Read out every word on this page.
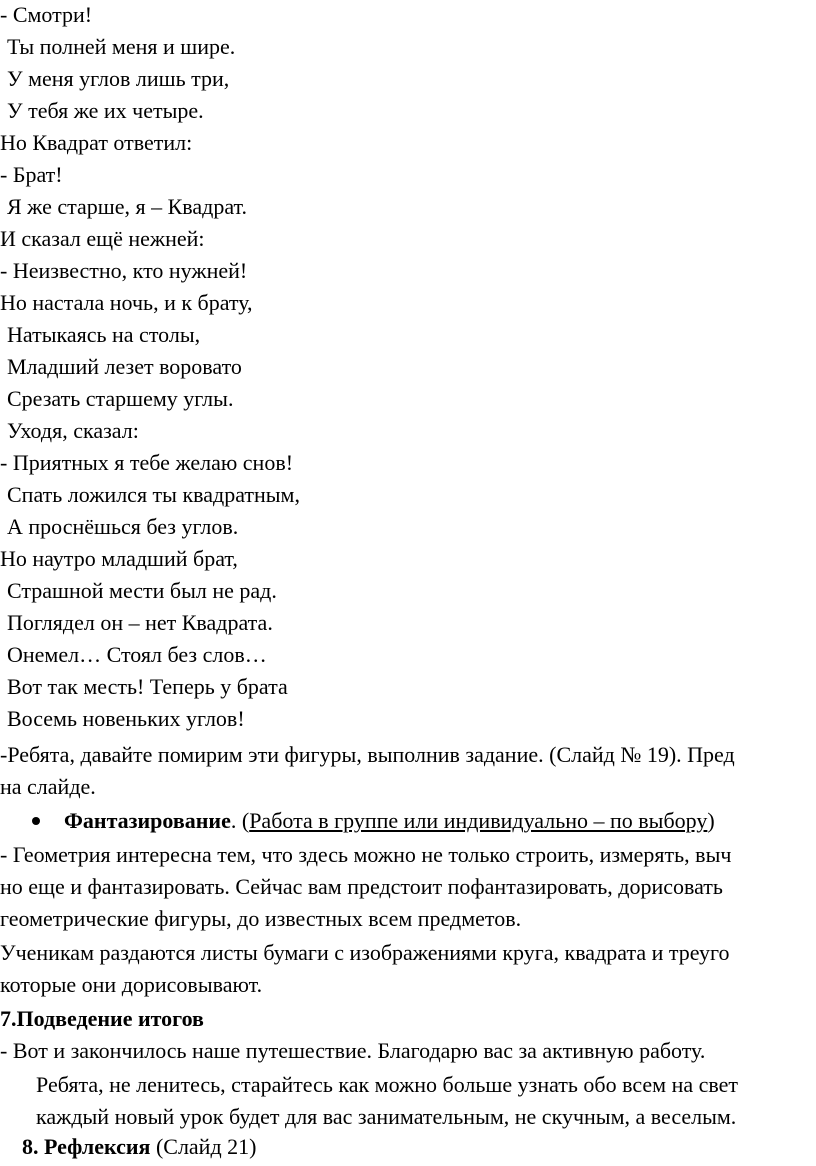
- Смотри!
Ты полней меня и шире.
У меня углов лишь три,
У тебя же их четыре.
Но Квадрат ответил:
- Брат!
Я же старше, я – Квадрат.
И сказал ещё нежней:
- Неизвестно, кто нужней!
Но настала ночь, и к брату,
Натыкаясь на столы,
Младший лезет воровато
Срезать старшему углы.
Уходя, сказал:
- Приятных я тебе желаю снов!
Спать ложился ты квадратным,
А проснёшься без углов.
Но наутро младший брат,
Страшной мести был не рад.
Поглядел он – нет Квадрата.
Онемел… Стоял без слов…
Вот так месть! Теперь у брата
Восемь новеньких углов!
-Ребята, давайте помирим эти фигуры, выполнив задание. (Слайд № 19). Пред
на слайде.
Фантазирование. (Работа в группе или индивидуально – по выбору)
- Геометрия интересна тем, что здесь можно не только строить, измерять, выч
но еще и фантазировать. Сейчас вам предстоит пофантазировать, дорисовать
геометрические фигуры, до известных всем предметов.
Ученикам раздаются листы бумаги с изображениями круга, квадрата и треуго
которые они дорисовывают.
7.Подведение итогов
- Вот и закончилось наше путешествие. Благодарю вас за активную работу.
Ребята, не ленитесь, старайтесь как можно больше узнать обо всем на свет
каждый новый урок будет для вас занимательным, не скучным, а веселым.
8. Рефлексия (Слайд 21)
